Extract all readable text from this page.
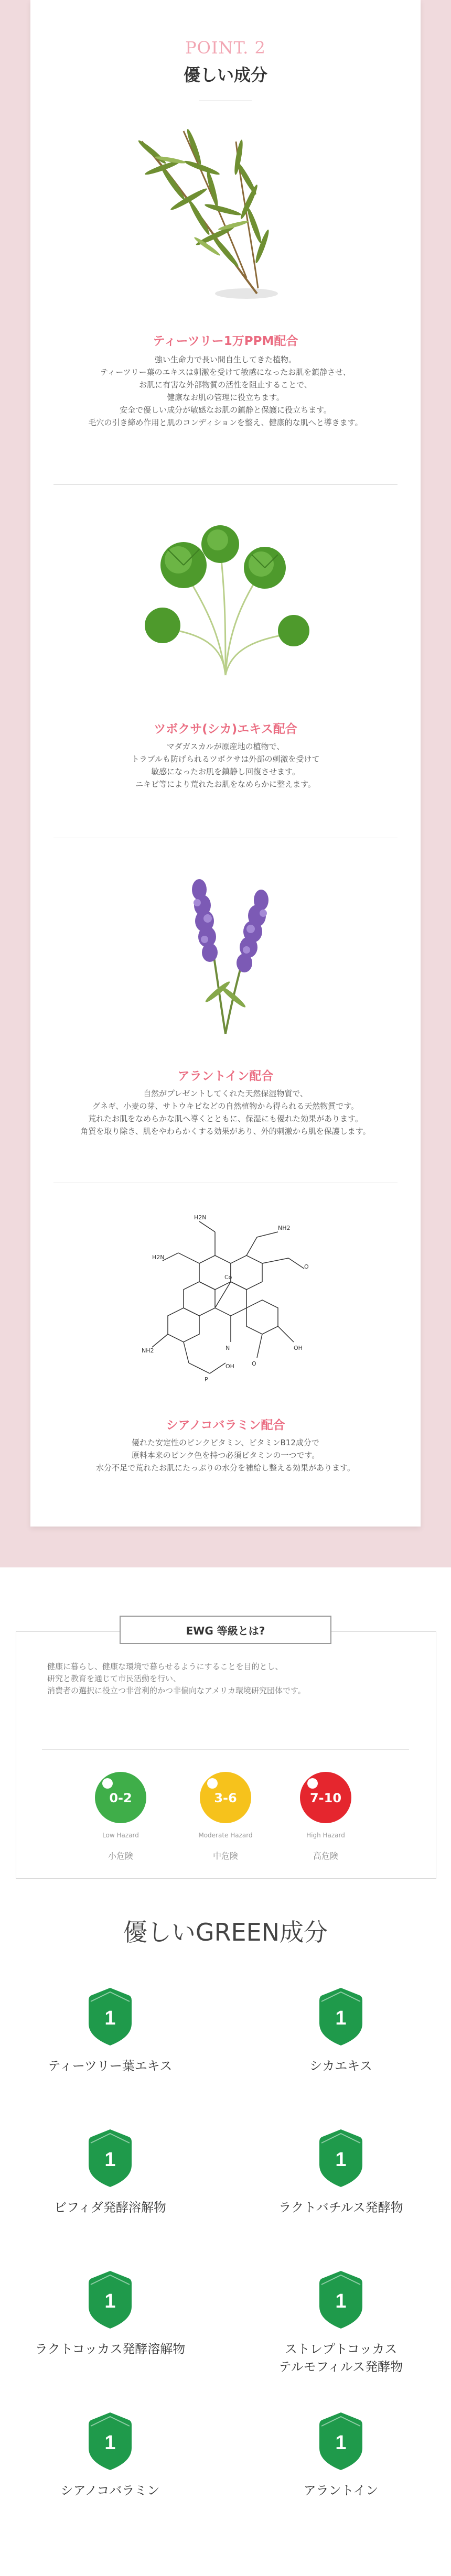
POINT. 2
優しい成分
ティーツリー1万PPM配合
強い生命力で長い間自生してきた植物。
ティーツリー葉のエキスは刺激を受けて敏感になったお肌を鎮静させ、
お肌に有害な外部物質の活性を阻止することで、
健康なお肌の管理に役立ちます。
安全で優しい成分が敏感なお肌の鎮静と保護に役立ちます。
毛穴の引き締め作用と肌のコンディションを整え、健康的な肌へと導きます。
ツボクサ(シカ)エキス配合
マダガスカルが原産地の植物で、
トラブルも防げられるツボクサは外部の刺激を受けて
敏感になったお肌を鎮静し回復させます。
ニキビ等により荒れたお肌をなめらかに整えます。
アラントイン配合
自然がプレゼントしてくれた天然保湿物質で、
グネギ、小麦の芽、サトウキビなどの自然植物から得られる天然物質です。
荒れたお肌をなめらかな肌へ導くとともに、保湿にも優れた効果があります。
角質を取り除き、肌をやわらかくする効果があり、外的刺激から肌を保護します。
H2N
NH2
O
H2N
Co
NH2	N	OH
O
P
OH
シアノコバラミン配合
優れた安定性のピンクビタミン、ビタミンB12成分で
原料本来のピンク色を持つ必須ビタミンの一つです。
水分不足で荒れたお肌にたっぷりの水分を補給し整える効果があります。
EWG 等級とは?
健康に暮らし、健康な環境で暮らせるようにすることを目的とし、
研究と教育を通じて市民活動を行い、
消費者の選択に役立つ非営利的かつ非偏向なアメリカ環境研究団体です。
0-2
Low Hazard
小危険
3-6
Moderate Hazard
中危険
7-10
High Hazard
高危険
優しいGREEN成分
1
ティーツリー葉エキス
1
シカエキス
1
ビフィダ発酵溶解物
1
ラクトバチルス発酵物
1
ラクトコッカス発酵溶解物
1
ストレプトコッカス
テルモフィルス発酵物
1
シアノコバラミン
1
アラントイン
